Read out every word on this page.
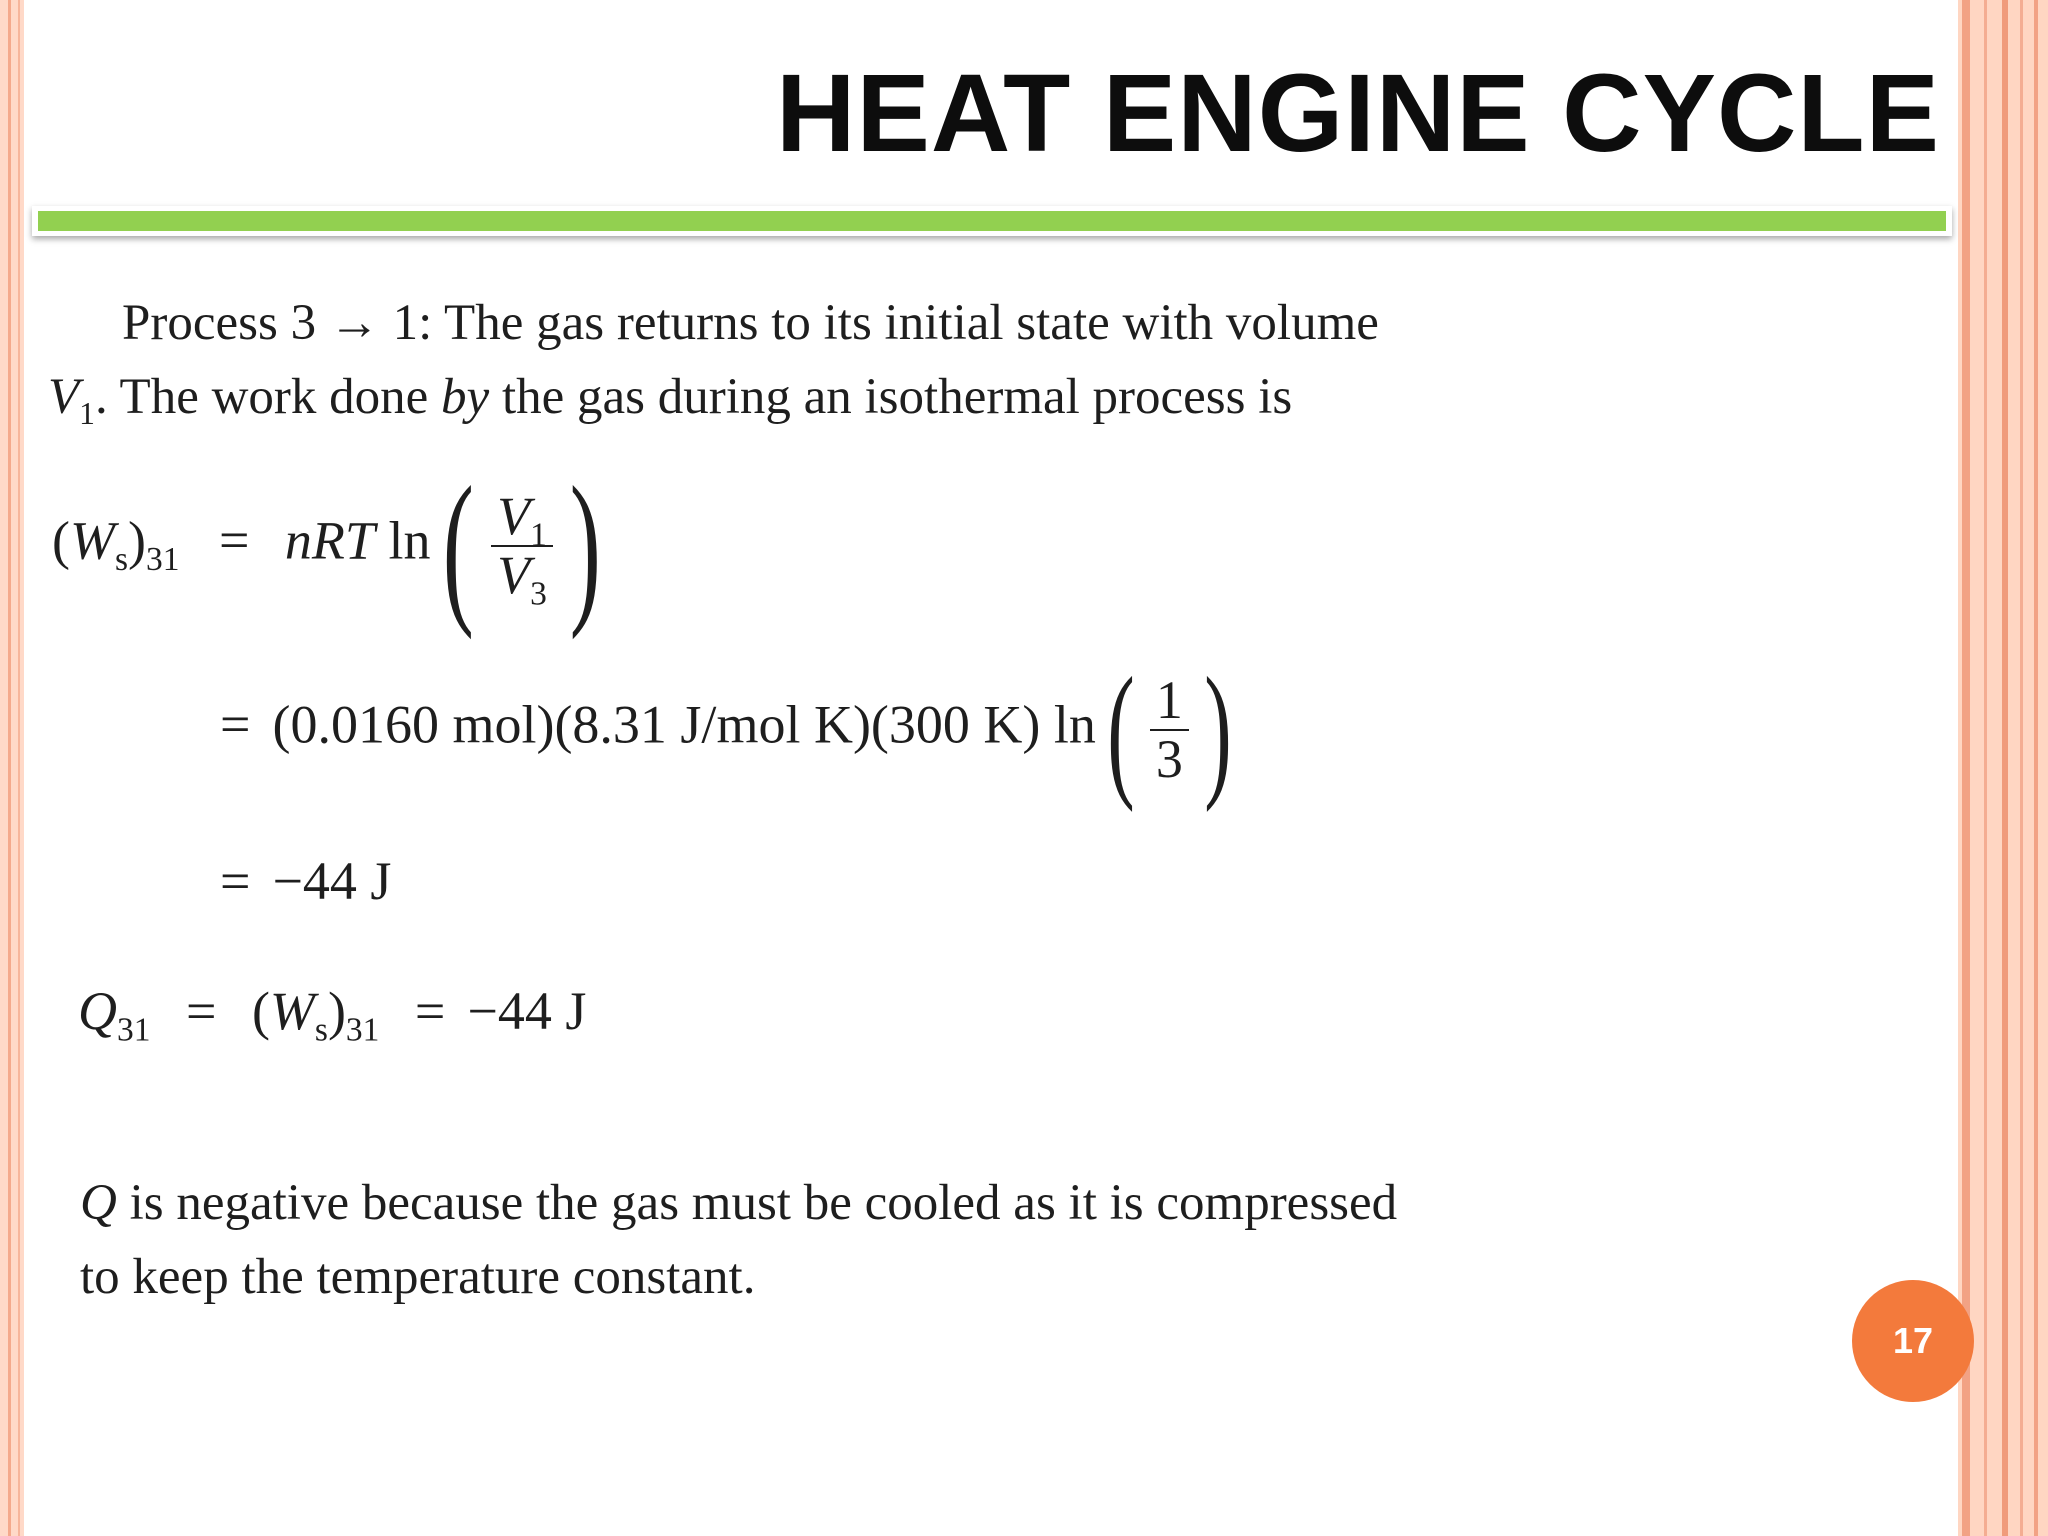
HEAT ENGINE CYCLE

Process 3 → 1: The gas returns to its initial state with volume

$V_1$. The work done by the gas during an isothermal process is

$(W_s)_{31}$ = nRT $\ln( \frac{V_1}{V_3}$ )
= (0.0160 mol)(8.31 J/mol K)(300 K) $\ln( \frac{1}{3}$ )
= −44 J
$Q_{31} = (W_s)_{31} = -44$ J

Q is negative because the gas must be cooled as it is compressed

to keep the temperature constant.

17
